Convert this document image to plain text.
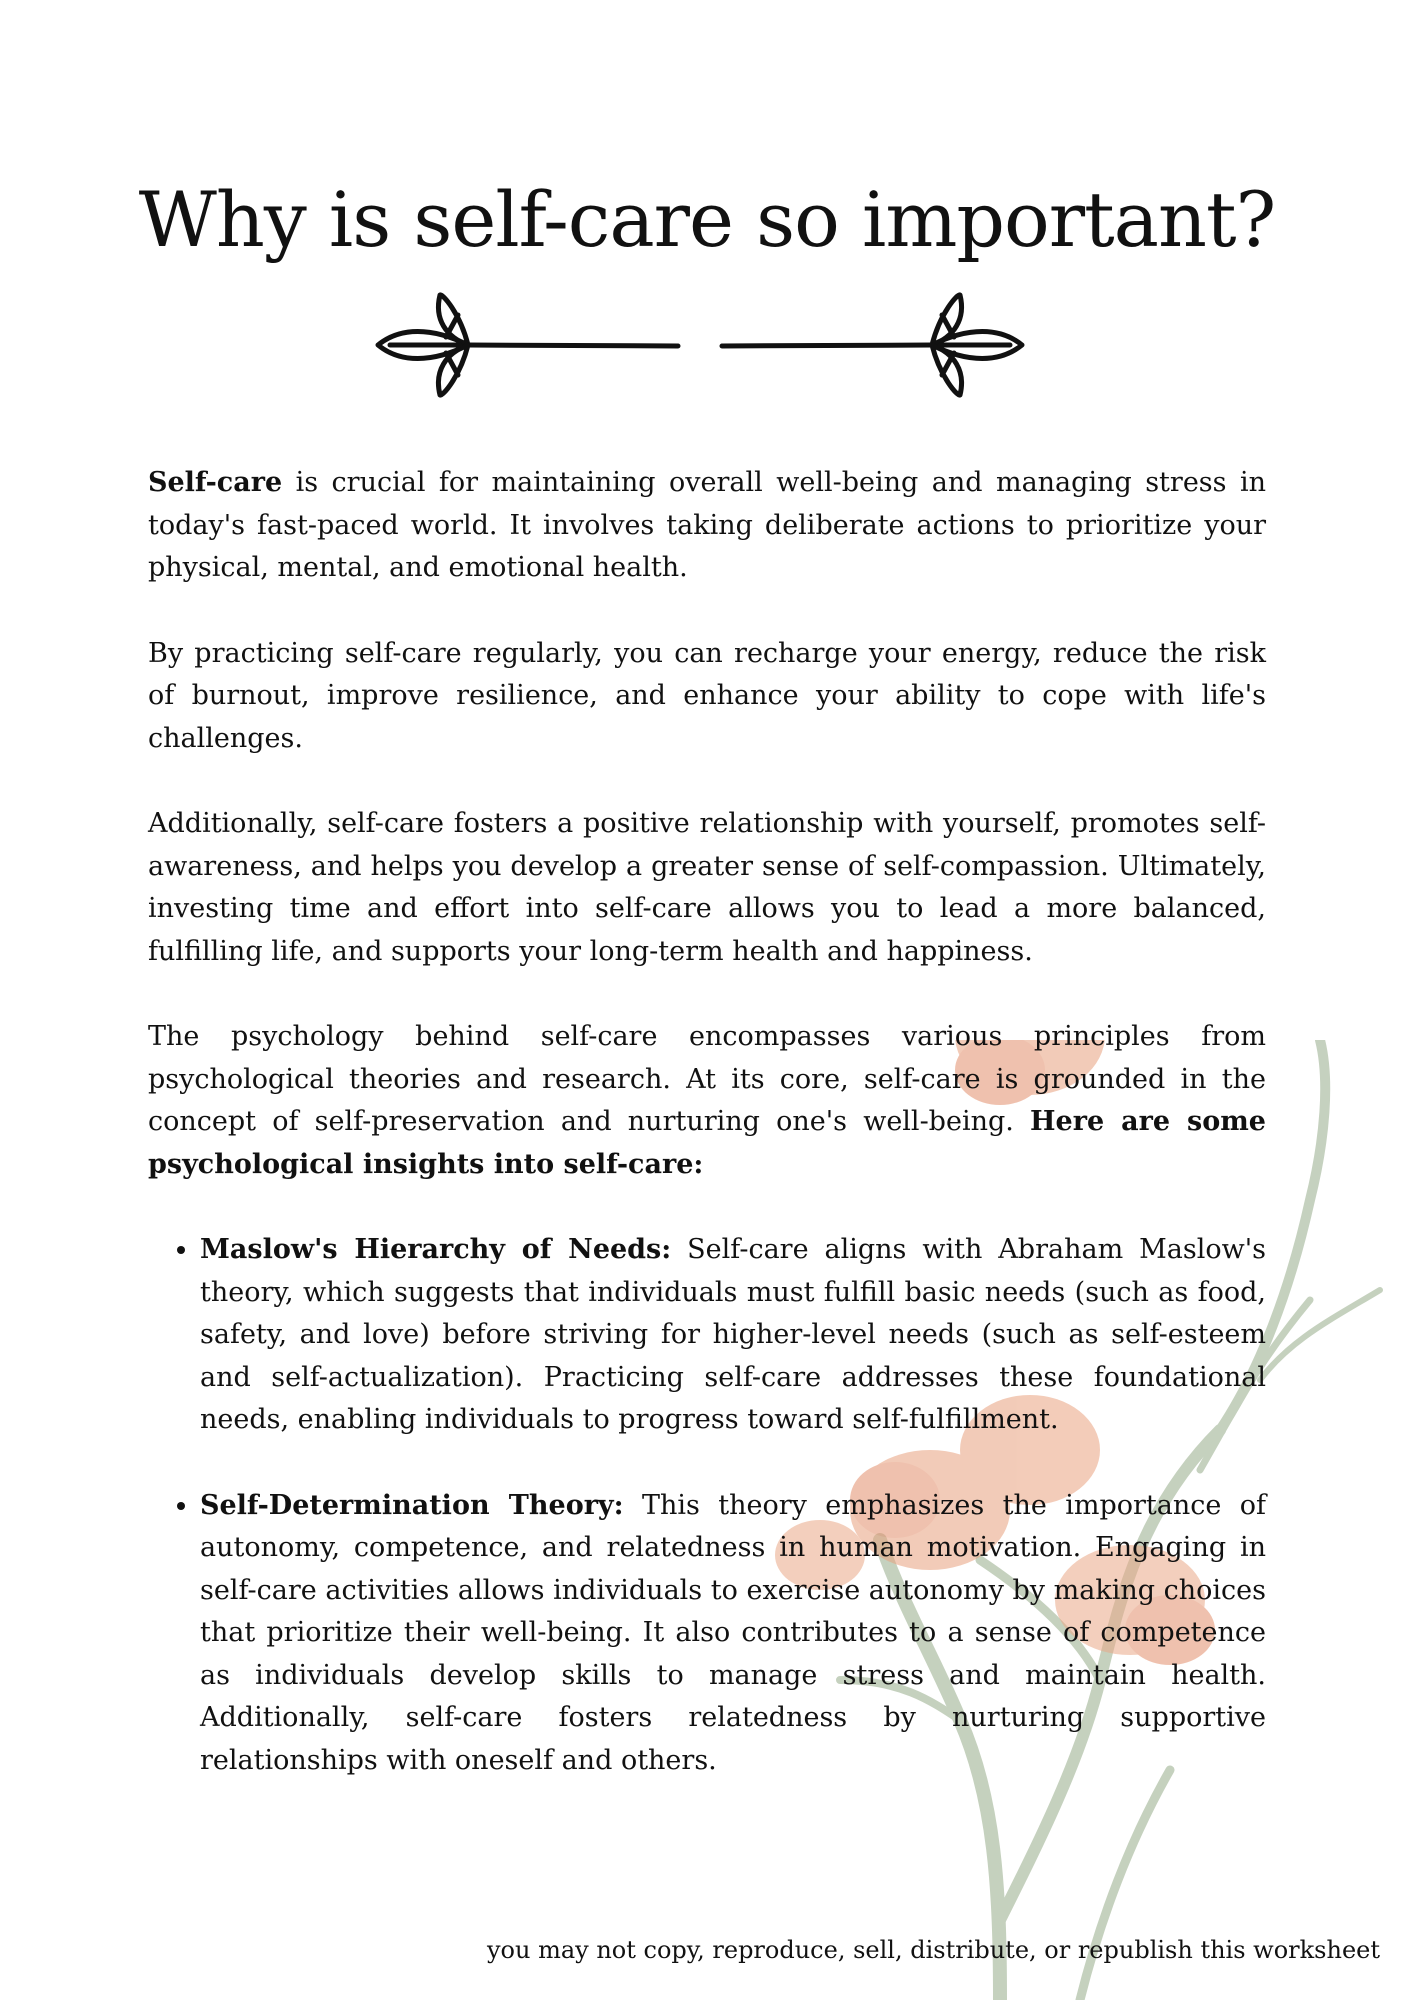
Why is self-care so important?

Self-care is crucial for maintaining overall well-being and managing stress in today's fast-paced world. It involves taking deliberate actions to prioritize your physical, mental, and emotional health.

By practicing self-care regularly, you can recharge your energy, reduce the risk of burnout, improve resilience, and enhance your ability to cope with life's challenges.

Additionally, self-care fosters a positive relationship with yourself, promotes self-awareness, and helps you develop a greater sense of self-compassion. Ultimately, investing time and effort into self-care allows you to lead a more balanced, fulfilling life, and supports your long-term health and happiness.

The psychology behind self-care encompasses various principles from psychological theories and research. At its core, self-care is grounded in the concept of self-preservation and nurturing one's well-being. Here are some psychological insights into self-care:

• Maslow's Hierarchy of Needs: Self-care aligns with Abraham Maslow's theory, which suggests that individuals must fulfill basic needs (such as food, safety, and love) before striving for higher-level needs (such as self-esteem and self-actualization). Practicing self-care addresses these foundational needs, enabling individuals to progress toward self-fulfillment.
• Self-Determination Theory: This theory emphasizes the importance of autonomy, competence, and relatedness in human motivation. Engaging in self-care activities allows individuals to exercise autonomy by making choices that prioritize their well-being. It also contributes to a sense of competence as individuals develop skills to manage stress and maintain health. Additionally, self-care fosters relatedness by nurturing supportive relationships with oneself and others.
you may not copy, reproduce, sell, distribute, or republish this worksheet
